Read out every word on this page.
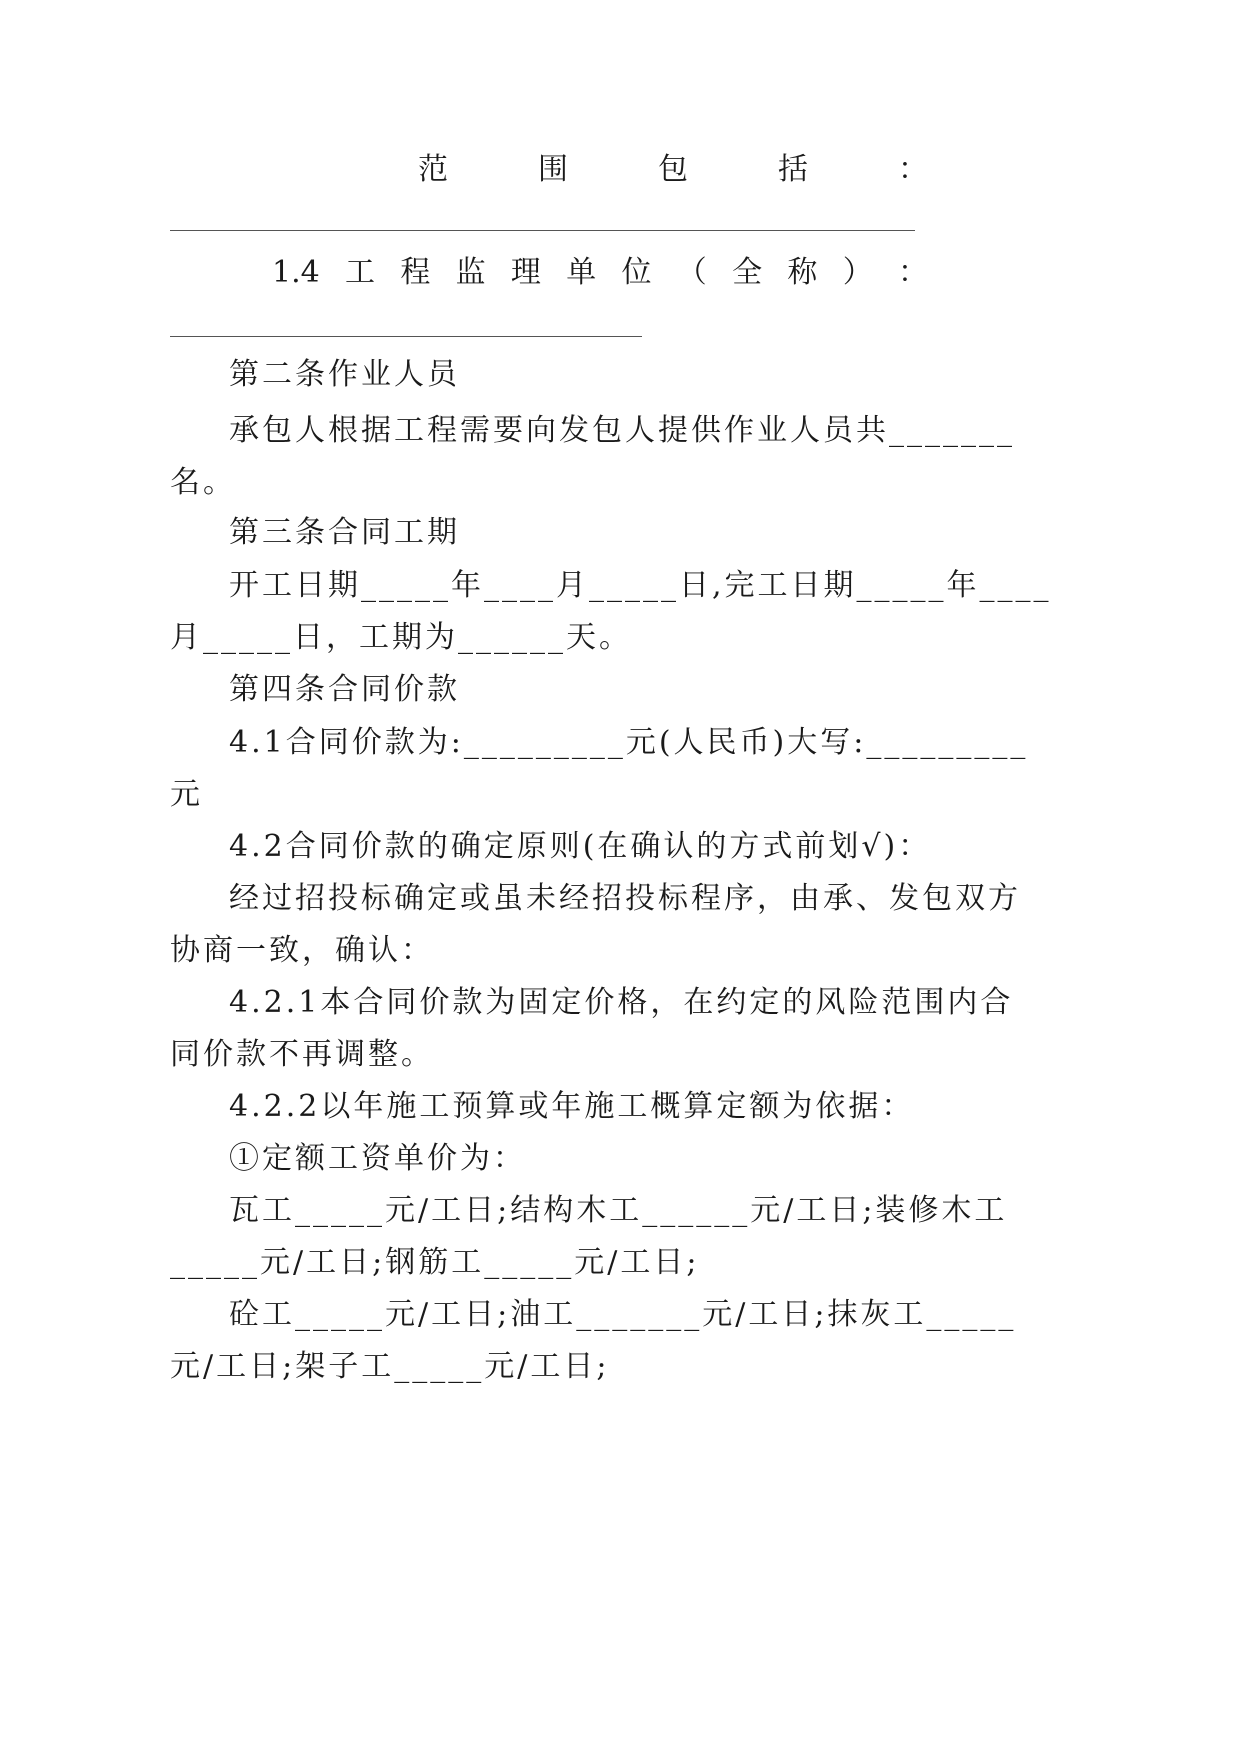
范	围	包	括	：
1.4 工 程 监 理 单 位 （ 全 称 ） ：
第二条作业人员
承包人根据工程需要向发包人提供作业人员共_______
名。
第三条合同工期
开工日期_____年____月_____日,完工日期_____年____
月_____日，工期为______天。
第四条合同价款
4.1合同价款为:_________元(人民币)大写:_________
元
4.2合同价款的确定原则(在确认的方式前划√)：
经过招投标确定或虽未经招投标程序，由承、发包双方
协商一致，确认：
4.2.1本合同价款为固定价格，在约定的风险范围内合
同价款不再调整。
4.2.2以年施工预算或年施工概算定额为依据：
①定额工资单价为：
瓦工_____元/工日;结构木工______元/工日;装修木工
_____元/工日;钢筋工_____元/工日;
砼工_____元/工日;油工_______元/工日;抹灰工_____
元/工日;架子工_____元/工日;
